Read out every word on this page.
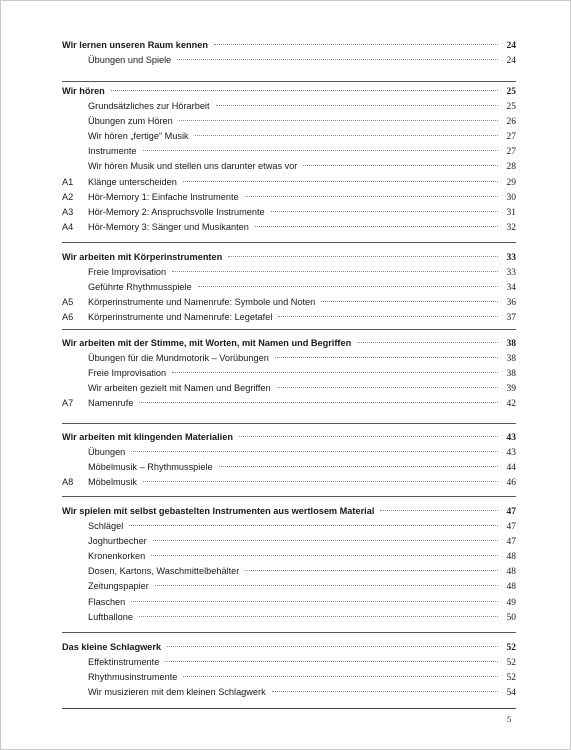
Wir lernen unseren Raum kennen	24
Übungen und Spiele	24
Wir hören	25
Grundsätzliches zur Hörarbeit	25
Übungen zum Hören	26
Wir hören „fertige“ Musik	27
Instrumente	27
Wir hören Musik und stellen uns darunter etwas vor	28
A1	Klänge unterscheiden	29
A2	Hör-Memory 1: Einfache Instrumente	30
A3	Hör-Memory 2: Anspruchsvolle Instrumente	31
A4	Hör-Memory 3: Sänger und Musikanten	32
Wir arbeiten mit Körperinstrumenten	33
Freie Improvisation	33
Geführte Rhythmusspiele	34
A5	Körperinstrumente und Namenrufe: Symbole und Noten	36
A6	Körperinstrumente und Namenrufe: Legetafel	37
Wir arbeiten mit der Stimme, mit Worten, mit Namen und Begriffen	38
Übungen für die Mundmotorik – Vorübungen	38
Freie Improvisation	38
Wir arbeiten gezielt mit Namen und Begriffen	39
A7	Namenrufe	42
Wir arbeiten mit klingenden Materialien	43
Übungen	43
Möbelmusik – Rhythmusspiele	44
A8	Möbelmusik	46
Wir spielen mit selbst gebastelten Instrumenten aus wertlosem Material	47
Schlägel	47
Joghurtbecher	47
Kronenkorken	48
Dosen, Kartons, Waschmittelbehälter	48
Zeitungspapier	48
Flaschen	49
Luftballone	50
Das kleine Schlagwerk	52
Effektinstrumente	52
Rhythmusinstrumente	52
Wir musizieren mit dem kleinen Schlagwerk	54
5
